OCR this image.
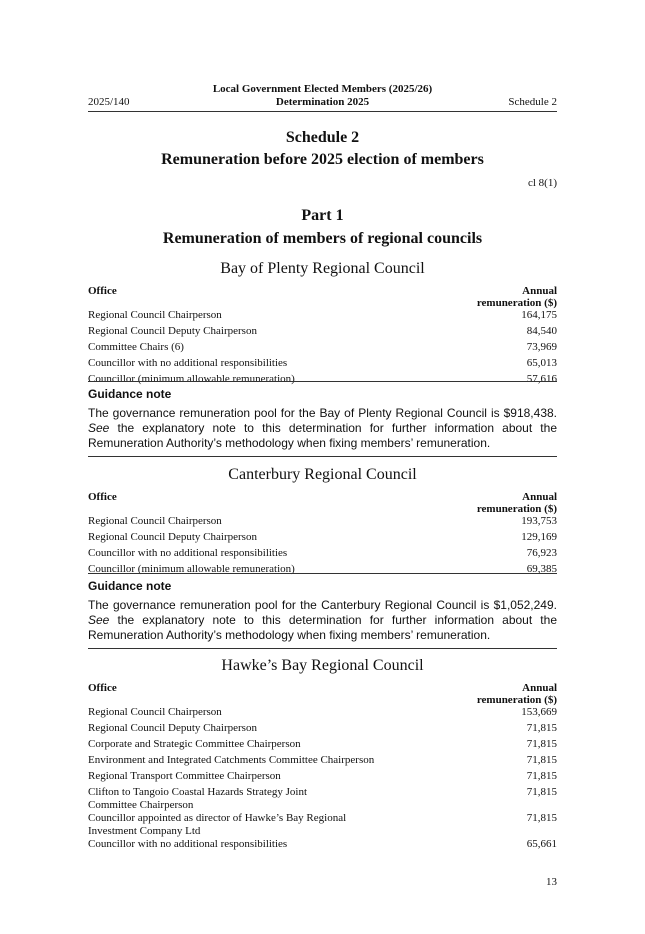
Local Government Elected Members (2025/26)
Determination 2025
2025/140	Schedule 2
Schedule 2
Remuneration before 2025 election of members
cl 8(1)
Part 1
Remuneration of members of regional councils
Bay of Plenty Regional Council
Office	Annual remuneration ($)
Regional Council Chairperson	164,175
Regional Council Deputy Chairperson	84,540
Committee Chairs (6)	73,969
Councillor with no additional responsibilities	65,013
Councillor (minimum allowable remuneration)	57,616
Guidance note
The governance remuneration pool for the Bay of Plenty Regional Council is $918,438. See the explanatory note to this determination for further information about the Remuneration Authority’s methodology when fixing members’ remuneration.
Canterbury Regional Council
Office	Annual remuneration ($)
Regional Council Chairperson	193,753
Regional Council Deputy Chairperson	129,169
Councillor with no additional responsibilities	76,923
Councillor (minimum allowable remuneration)	69,385
Guidance note
The governance remuneration pool for the Canterbury Regional Council is $1,052,249. See the explanatory note to this determination for further information about the Remuneration Authority’s methodology when fixing members’ remuneration.
Hawke’s Bay Regional Council
Office	Annual remuneration ($)
Regional Council Chairperson	153,669
Regional Council Deputy Chairperson	71,815
Corporate and Strategic Committee Chairperson	71,815
Environment and Integrated Catchments Committee Chairperson	71,815
Regional Transport Committee Chairperson	71,815
Clifton to Tangoio Coastal Hazards Strategy Joint Committee Chairperson	71,815
Councillor appointed as director of Hawke’s Bay Regional Investment Company Ltd	71,815
Councillor with no additional responsibilities	65,661
13
